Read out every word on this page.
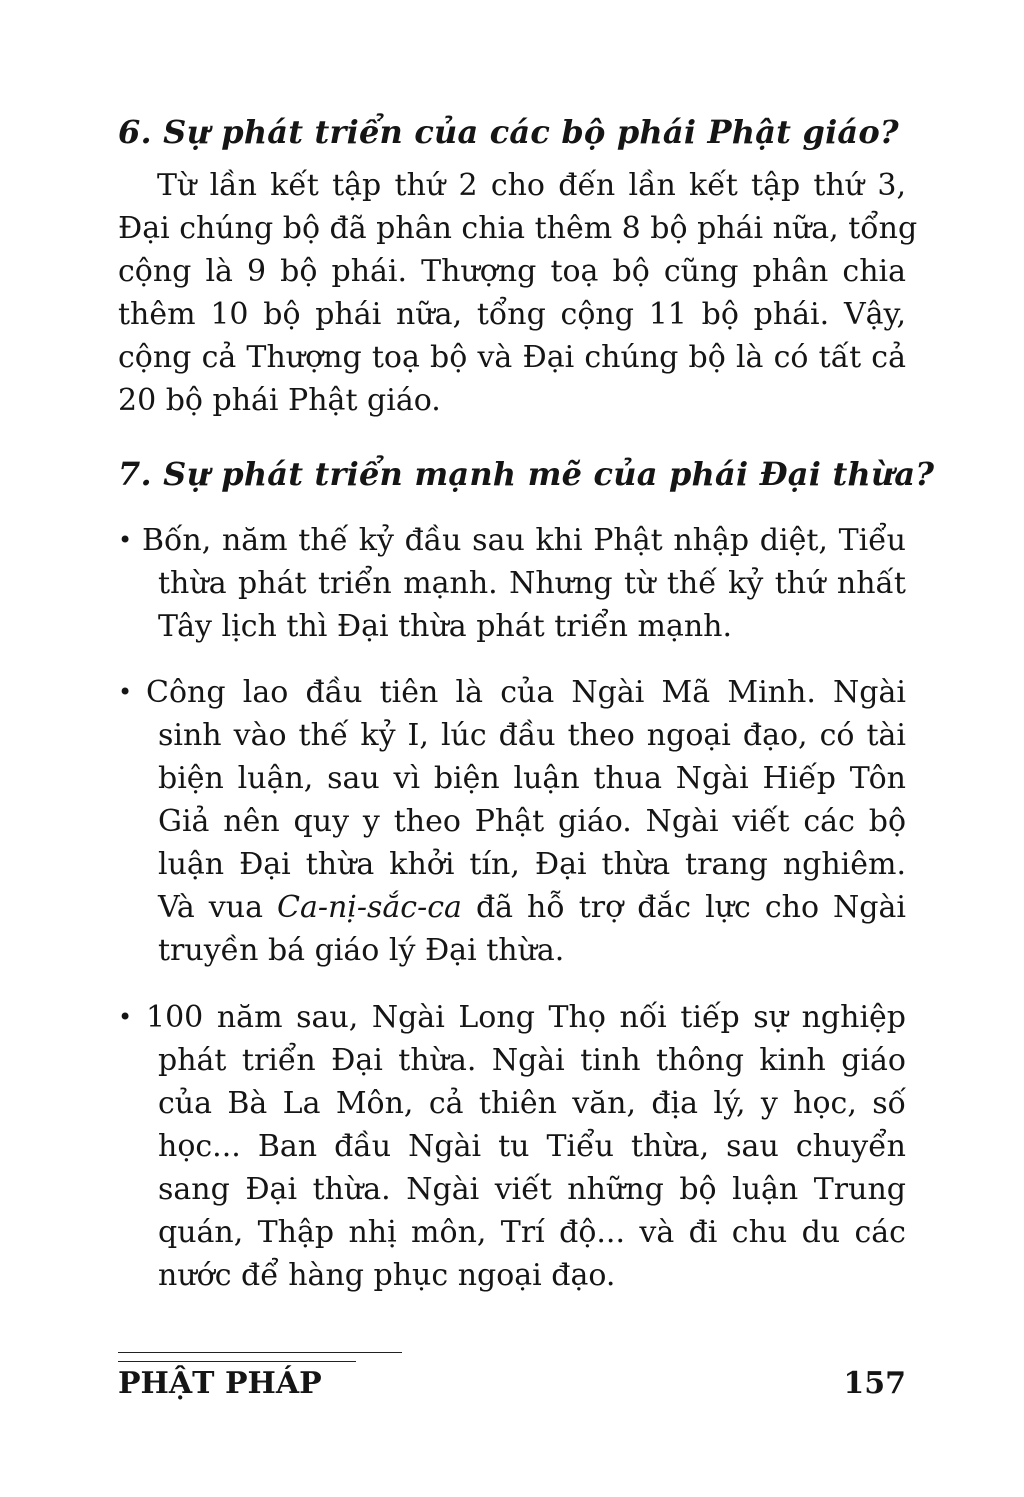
6. Sự phát triển của các bộ phái Phật giáo?
Từ lần kết tập thứ 2 cho đến lần kết tập thứ 3,
Đại chúng bộ đã phân chia thêm 8 bộ phái nữa, tổng
cộng là 9 bộ phái. Thượng toạ bộ cũng phân chia
thêm 10 bộ phái nữa, tổng cộng 11 bộ phái. Vậy,
cộng cả Thượng toạ bộ và Đại chúng bộ là có tất cả
20 bộ phái Phật giáo.
7. Sự phát triển mạnh mẽ của phái Đại thừa?
• Bốn, năm thế kỷ đầu sau khi Phật nhập diệt, Tiểu
thừa phát triển mạnh. Nhưng từ thế kỷ thứ nhất
Tây lịch thì Đại thừa phát triển mạnh.
• Công lao đầu tiên là của Ngài Mã Minh. Ngài
sinh vào thế kỷ I, lúc đầu theo ngoại đạo, có tài
biện luận, sau vì biện luận thua Ngài Hiếp Tôn
Giả nên quy y theo Phật giáo. Ngài viết các bộ
luận Đại thừa khởi tín, Đại thừa trang nghiêm.
Và vua Ca-nị-sắc-ca đã hỗ trợ đắc lực cho Ngài
truyền bá giáo lý Đại thừa.
• 100 năm sau, Ngài Long Thọ nối tiếp sự nghiệp
phát triển Đại thừa. Ngài tinh thông kinh giáo
của Bà La Môn, cả thiên văn, địa lý, y học, số
học... Ban đầu Ngài tu Tiểu thừa, sau chuyển
sang Đại thừa. Ngài viết những bộ luận Trung
quán, Thập nhị môn, Trí độ... và đi chu du các
nước để hàng phục ngoại đạo.
PHẬT PHÁP	157
